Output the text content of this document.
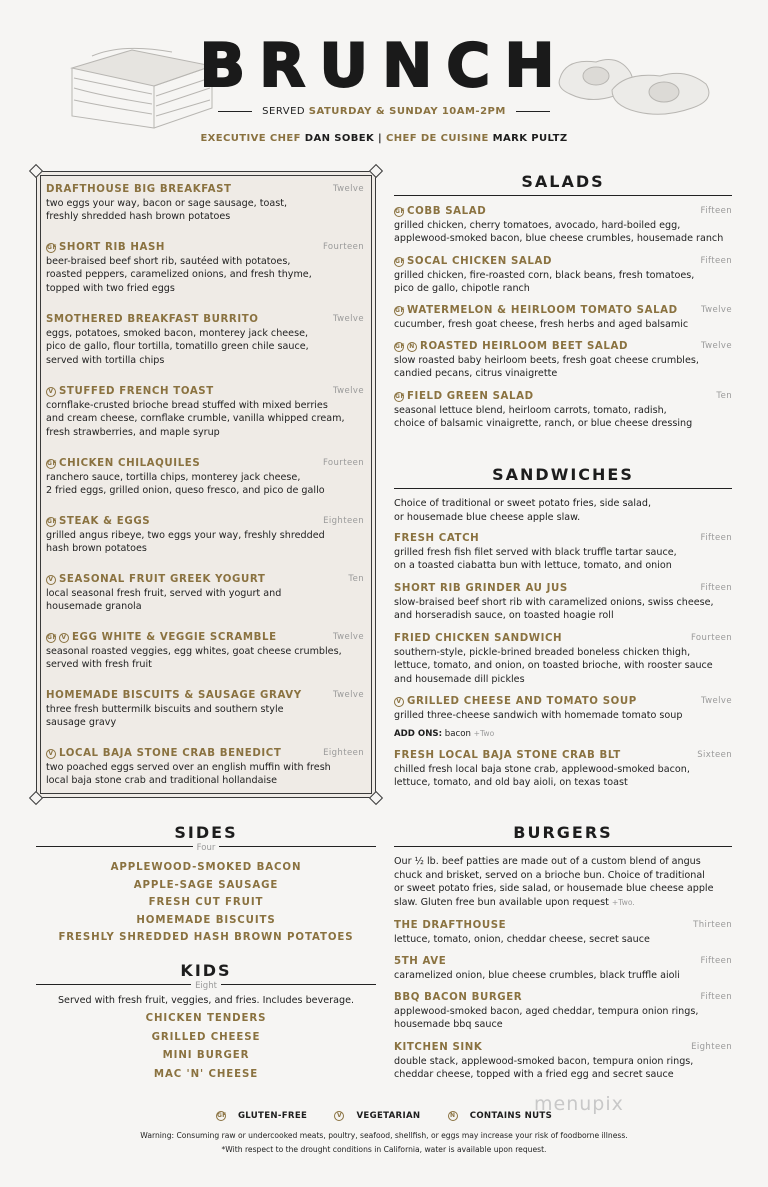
BRUNCH
SERVED SATURDAY & SUNDAY 10AM-2PM
EXECUTIVE CHEF DAN SOBEK | CHEF DE CUISINE MARK PULTZ
DRAFTHOUSE BIG BREAKFAST	Twelve
two eggs your way, bacon or sage sausage, toast,
freshly shredded hash brown potatoes
GF SHORT RIB HASH	Fourteen
beer-braised beef short rib, sautéed with potatoes,
roasted peppers, caramelized onions, and fresh thyme,
topped with two fried eggs
SMOTHERED BREAKFAST BURRITO	Twelve
eggs, potatoes, smoked bacon, monterey jack cheese,
pico de gallo, flour tortilla, tomatillo green chile sauce,
served with tortilla chips
V STUFFED FRENCH TOAST	Twelve
cornflake-crusted brioche bread stuffed with mixed berries
and cream cheese, cornflake crumble, vanilla whipped cream,
fresh strawberries, and maple syrup
GF CHICKEN CHILAQUILES	Fourteen
ranchero sauce, tortilla chips, monterey jack cheese,
2 fried eggs, grilled onion, queso fresco, and pico de gallo
GF STEAK & EGGS	Eighteen
grilled angus ribeye, two eggs your way, freshly shredded
hash brown potatoes
V SEASONAL FRUIT GREEK YOGURT	Ten
local seasonal fresh fruit, served with yogurt and
housemade granola
GF V EGG WHITE & VEGGIE SCRAMBLE	Twelve
seasonal roasted veggies, egg whites, goat cheese crumbles,
served with fresh fruit
HOMEMADE BISCUITS & SAUSAGE GRAVY	Twelve
three fresh buttermilk biscuits and southern style
sausage gravy
V LOCAL BAJA STONE CRAB BENEDICT	Eighteen
two poached eggs served over an english muffin with fresh
local baja stone crab and traditional hollandaise
SALADS
GF COBB SALAD	Fifteen
grilled chicken, cherry tomatoes, avocado, hard-boiled egg,
applewood-smoked bacon, blue cheese crumbles, housemade ranch
GF SOCAL CHICKEN SALAD	Fifteen
grilled chicken, fire-roasted corn, black beans, fresh tomatoes,
pico de gallo, chipotle ranch
GF WATERMELON & HEIRLOOM TOMATO SALAD	Twelve
cucumber, fresh goat cheese, fresh herbs and aged balsamic
GF N ROASTED HEIRLOOM BEET SALAD	Twelve
slow roasted baby heirloom beets, fresh goat cheese crumbles,
candied pecans, citrus vinaigrette
GF FIELD GREEN SALAD	Ten
seasonal lettuce blend, heirloom carrots, tomato, radish,
choice of balsamic vinaigrette, ranch, or blue cheese dressing
SANDWICHES
Choice of traditional or sweet potato fries, side salad,
or housemade blue cheese apple slaw.
FRESH CATCH	Fifteen
grilled fresh fish filet served with black truffle tartar sauce,
on a toasted ciabatta bun with lettuce, tomato, and onion
SHORT RIB GRINDER AU JUS	Fifteen
slow-braised beef short rib with caramelized onions, swiss cheese,
and horseradish sauce, on toasted hoagie roll
FRIED CHICKEN SANDWICH	Fourteen
southern-style, pickle-brined breaded boneless chicken thigh,
lettuce, tomato, and onion, on toasted brioche, with rooster sauce
and housemade dill pickles
V GRILLED CHEESE AND TOMATO SOUP	Twelve
grilled three-cheese sandwich with homemade tomato soup
FRESH LOCAL BAJA STONE CRAB BLT	Sixteen
chilled fresh local baja stone crab, applewood-smoked bacon,
lettuce, tomato, and old bay aioli, on texas toast
ADD ONS: bacon +Two
SIDES
Four
APPLEWOOD-SMOKED BACON
APPLE-SAGE SAUSAGE
FRESH CUT FRUIT
HOMEMADE BISCUITS
FRESHLY SHREDDED HASH BROWN POTATOES
KIDS
Eight
Served with fresh fruit, veggies, and fries. Includes beverage.
CHICKEN TENDERS
GRILLED CHEESE
MINI BURGER
MAC 'N' CHEESE
BURGERS
Our ½ lb. beef patties are made out of a custom blend of angus
chuck and brisket, served on a brioche bun. Choice of traditional
or sweet potato fries, side salad, or housemade blue cheese apple
slaw. Gluten free bun available upon request +Two.
THE DRAFTHOUSE	Thirteen
lettuce, tomato, onion, cheddar cheese, secret sauce
5TH AVE	Fifteen
caramelized onion, blue cheese crumbles, black truffle aioli
BBQ BACON BURGER	Fifteen
applewood-smoked bacon, aged cheddar, tempura onion rings,
housemade bbq sauce
KITCHEN SINK	Eighteen
double stack, applewood-smoked bacon, tempura onion rings,
cheddar cheese, topped with a fried egg and secret sauce
GF GLUTEN-FREE	V VEGETARIAN	N CONTAINS NUTS
Warning: Consuming raw or undercooked meats, poultry, seafood, shellfish, or eggs may increase your risk of foodborne illness.
*With respect to the drought conditions in California, water is available upon request.
menupix
